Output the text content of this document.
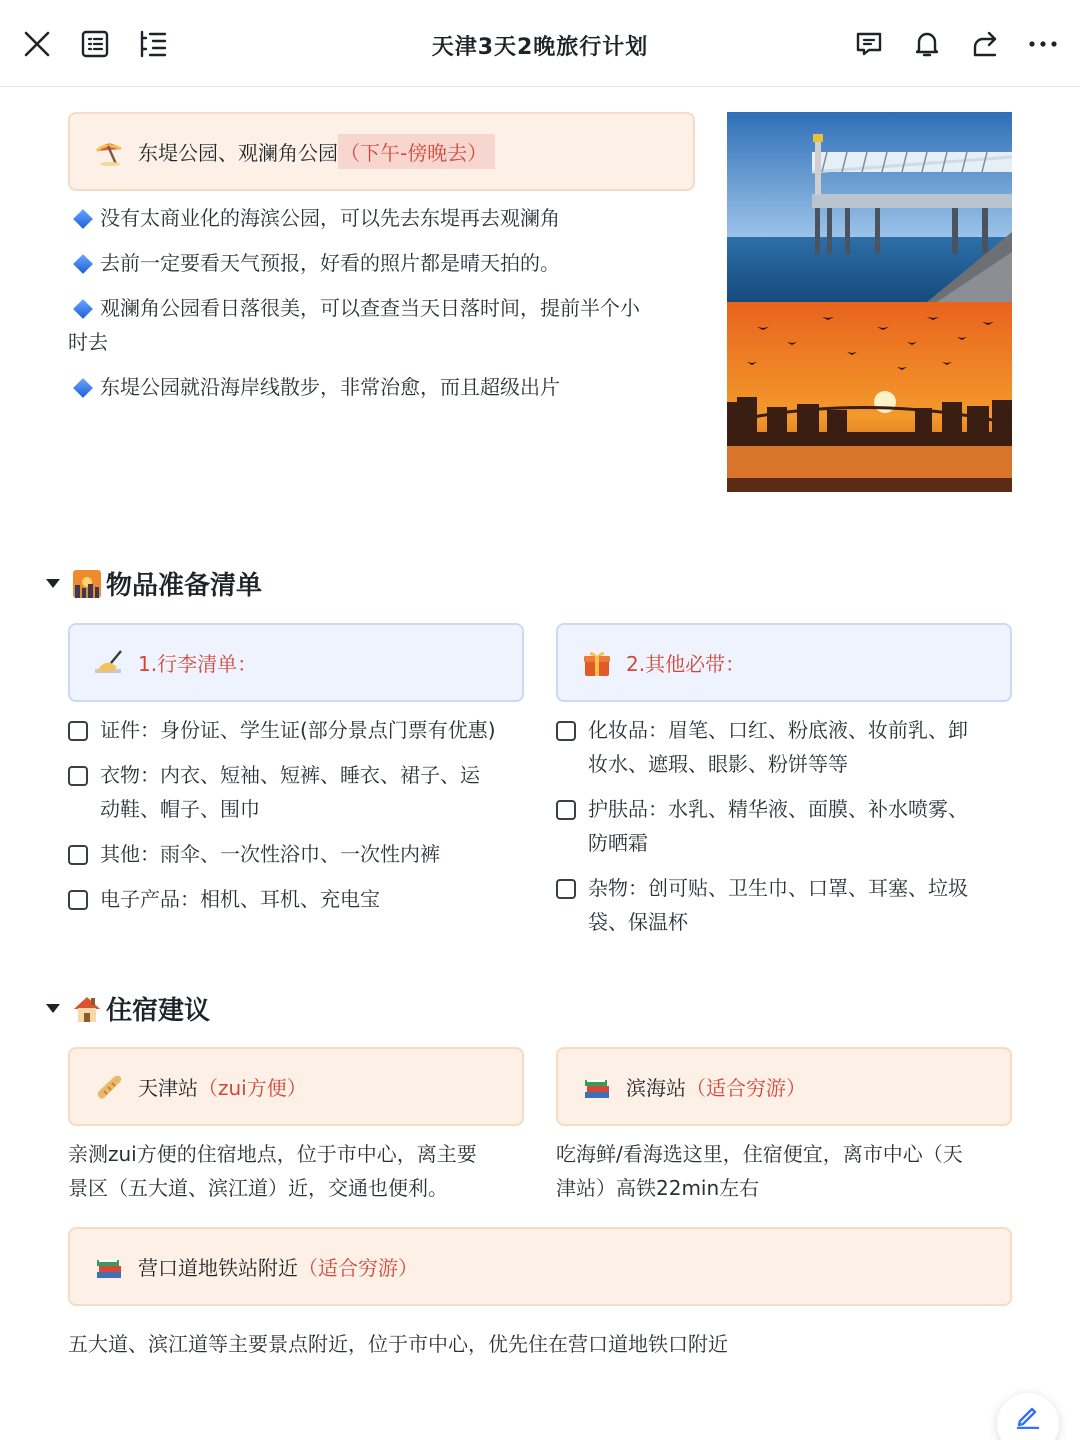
天津3天2晚旅行计划
东堤公园、观澜角公园 （下午-傍晚去）
没有太商业化的海滨公园，可以先去东堤再去观澜角
去前一定要看天气预报，好看的照片都是晴天拍的。
观澜角公园看日落很美，可以查查当天日落时间，提前半个小
时去
东堤公园就沿海岸线散步，非常治愈，而且超级出片
物品准备清单
1.行李清单：	2.其他必带：
证件：身份证、学生证(部分景点门票有优惠)
衣物：内衣、短袖、短裤、睡衣、裙子、运
动鞋、帽子、围巾
其他：雨伞、一次性浴巾、一次性内裤
电子产品：相机、耳机、充电宝
化妆品：眉笔、口红、粉底液、妆前乳、卸
妆水、遮瑕、眼影、粉饼等等
护肤品：水乳、精华液、面膜、补水喷雾、
防晒霜
杂物：创可贴、卫生巾、口罩、耳塞、垃圾
袋、保温杯
住宿建议
天津站 （zui方便）	滨海站 （适合穷游）
亲测zui方便的住宿地点，位于市中心，离主要
景区（五大道、滨江道）近，交通也便利。
吃海鲜/看海选这里，住宿便宜，离市中心（天
津站）高铁22min左右
营口道地铁站附近 （适合穷游）
五大道、滨江道等主要景点附近，位于市中心，优先住在营口道地铁口附近
